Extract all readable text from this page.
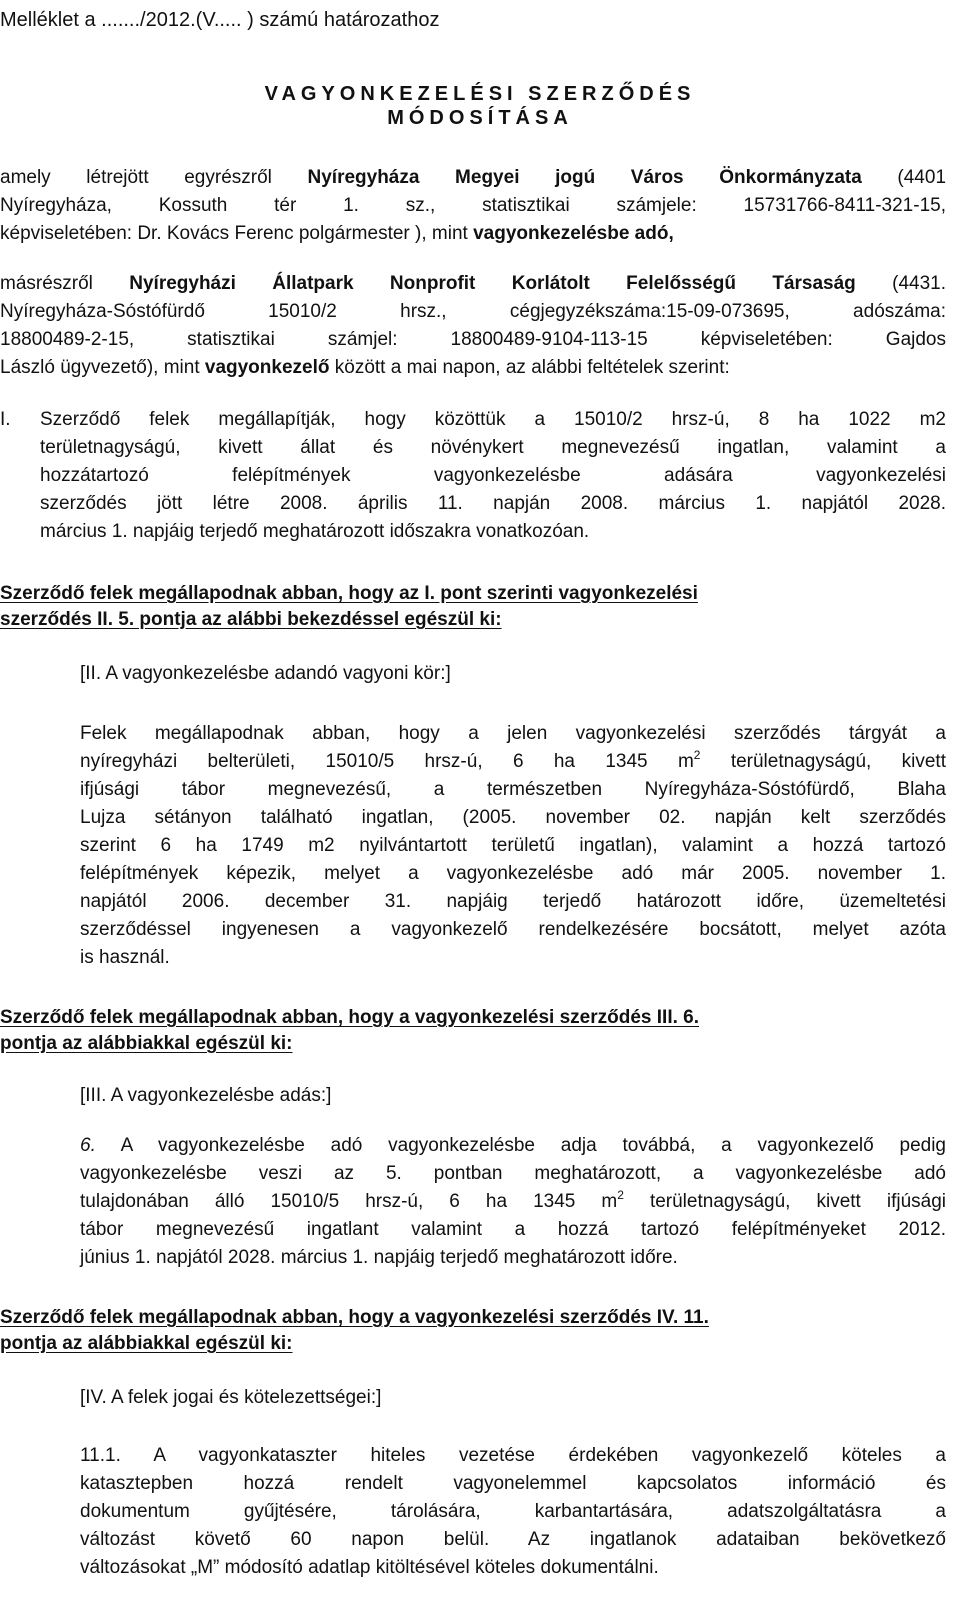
Melléklet a ......./2012.(V..... ) számú határozathoz
VAGYONKEZELÉSI SZERZŐDÉS
MÓDOSÍTÁSA
amely létrejött egyrészről Nyíregyháza Megyei jogú Város Önkormányzata (4401
Nyíregyháza, Kossuth tér 1. sz., statisztikai számjele: 15731766-8411-321-15,
képviseletében: Dr. Kovács Ferenc polgármester ), mint vagyonkezelésbe adó,
másrészről Nyíregyházi Állatpark Nonprofit Korlátolt Felelősségű Társaság (4431.
Nyíregyháza-Sóstófürdő 15010/2 hrsz., cégjegyzékszáma:15-09-073695, adószáma:
18800489-2-15, statisztikai számjel: 18800489-9104-113-15 képviseletében: Gajdos
László ügyvezető), mint vagyonkezelő között a mai napon, az alábbi feltételek szerint:
I. Szerződő felek megállapítják, hogy közöttük a 15010/2 hrsz-ú, 8 ha 1022 m2
területnagyságú, kivett állat és növénykert megnevezésű ingatlan, valamint a
hozzátartozó felépítmények vagyonkezelésbe adására vagyonkezelési
szerződés jött létre 2008. április 11. napján 2008. március 1. napjától 2028.
március 1. napjáig terjedő meghatározott időszakra vonatkozóan.
Szerződő felek megállapodnak abban, hogy az I. pont szerinti vagyonkezelési
szerződés II. 5. pontja az alábbi bekezdéssel egészül ki:
[II. A vagyonkezelésbe adandó vagyoni kör:]
Felek megállapodnak abban, hogy a jelen vagyonkezelési szerződés tárgyát a
nyíregyházi belterületi, 15010/5 hrsz-ú, 6 ha 1345 $m^2$ területnagyságú, kivett
ifjúsági tábor megnevezésű, a természetben Nyíregyháza-Sóstófürdő, Blaha
Lujza sétányon található ingatlan, (2005. november 02. napján kelt szerződés
szerint 6 ha 1749 m2 nyilvántartott területű ingatlan), valamint a hozzá tartozó
felépítmények képezik, melyet a vagyonkezelésbe adó már 2005. november 1.
napjától 2006. december 31. napjáig terjedő határozott időre, üzemeltetési
szerződéssel ingyenesen a vagyonkezelő rendelkezésére bocsátott, melyet azóta
is használ.
Szerződő felek megállapodnak abban, hogy a vagyonkezelési szerződés III. 6.
pontja az alábbiakkal egészül ki:
[III. A vagyonkezelésbe adás:]
6. A vagyonkezelésbe adó vagyonkezelésbe adja továbbá, a vagyonkezelő pedig
vagyonkezelésbe veszi az 5. pontban meghatározott, a vagyonkezelésbe adó
tulajdonában álló 15010/5 hrsz-ú, 6 ha 1345 $m^2$ területnagyságú, kivett ifjúsági
tábor megnevezésű ingatlant valamint a hozzá tartozó felépítményeket 2012.
június 1. napjától 2028. március 1. napjáig terjedő meghatározott időre.
Szerződő felek megállapodnak abban, hogy a vagyonkezelési szerződés IV. 11.
pontja az alábbiakkal egészül ki:
[IV. A felek jogai és kötelezettségei:]
11.1. A vagyonkataszter hiteles vezetése érdekében vagyonkezelő köteles a
katasztерben hozzá rendelt vagyonelemmel kapcsolatos információ és
dokumentum gyűjtésére, tárolására, karbantartására, adatszolgáltatásra a
változást követő 60 napon belül. Az ingatlanok adataiban bekövetkező
változásokat „M” módosító adatlap kitöltésével köteles dokumentálni.
